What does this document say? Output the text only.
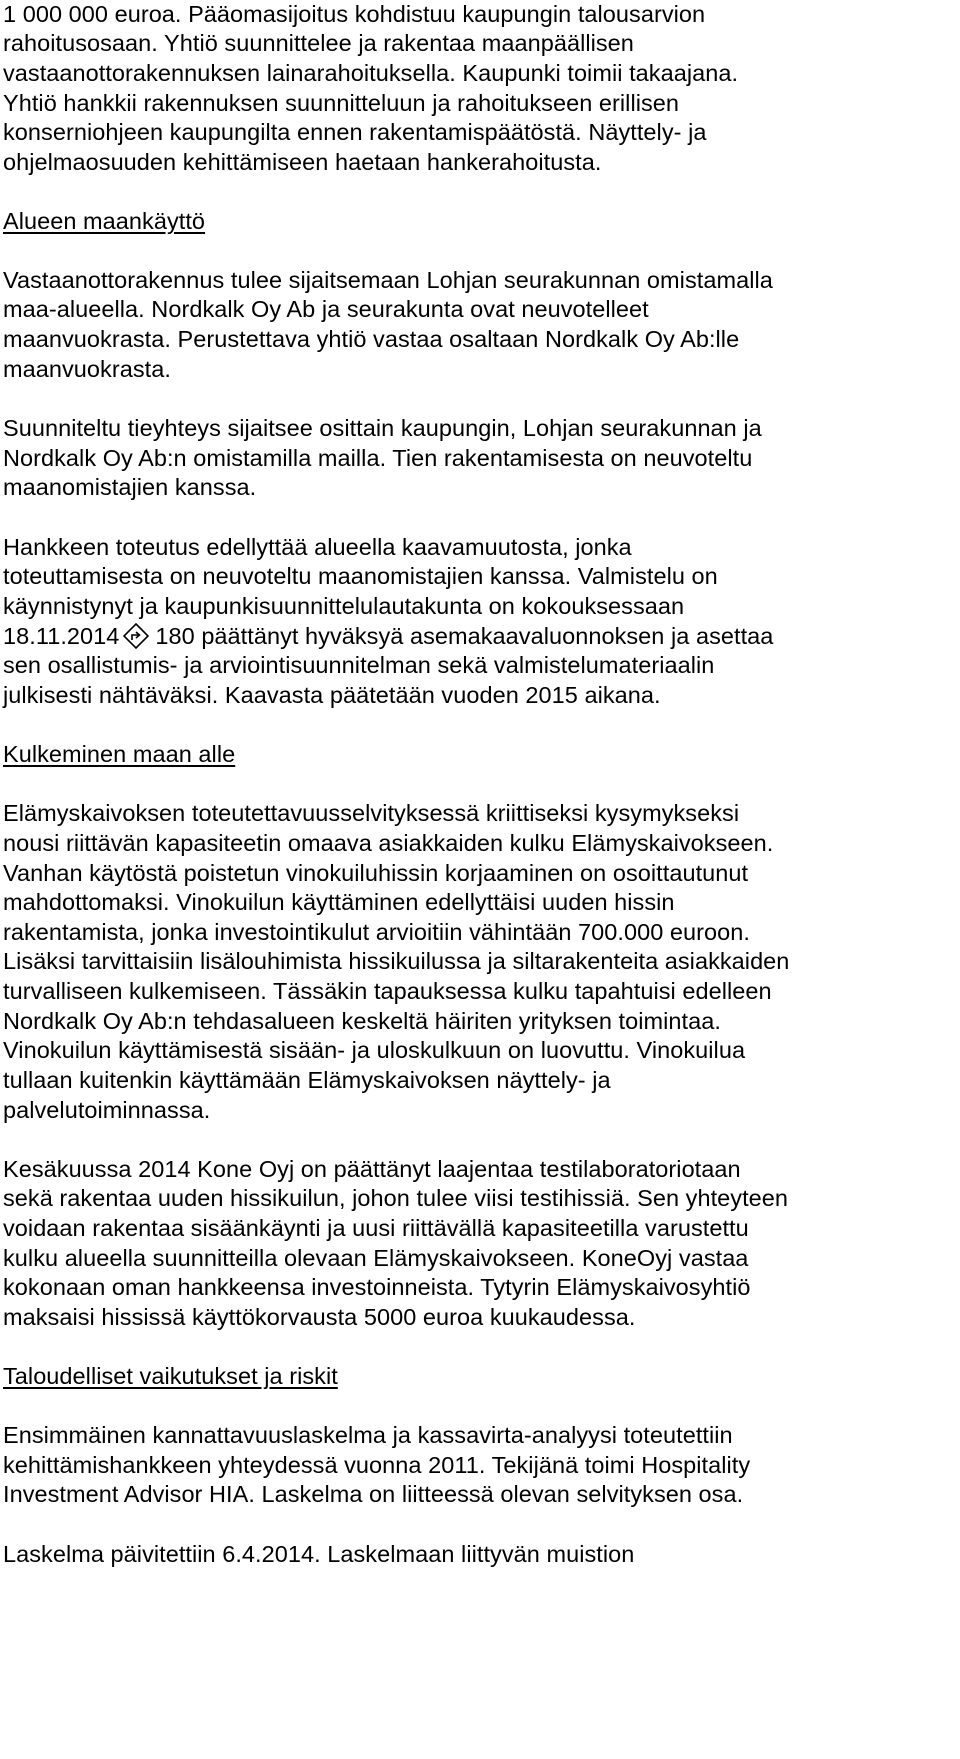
1 000 000 euroa. Pääomasijoitus kohdistuu kaupungin talousarvion
rahoitusosaan. Yhtiö suunnittelee ja rakentaa maanpäällisen
vastaanottorakennuksen lainarahoituksella. Kaupunki toimii takaajana.
Yhtiö hankkii rakennuksen suunnitteluun ja rahoitukseen erillisen
konserniohjeen kaupungilta ennen rakentamispäätöstä. Näyttely- ja
ohjelmaosuuden kehittämiseen haetaan hankerahoitusta.
Alueen maankäyttö
Vastaanottorakennus tulee sijaitsemaan Lohjan seurakunnan omistamalla
maa-alueella. Nordkalk Oy Ab ja seurakunta ovat neuvotelleet
maanvuokrasta. Perustettava yhtiö vastaa osaltaan Nordkalk Oy Ab:lle
maanvuokrasta.
Suunniteltu tieyhteys sijaitsee osittain kaupungin, Lohjan seurakunnan ja
Nordkalk Oy Ab:n omistamilla mailla. Tien rakentamisesta on neuvoteltu
maanomistajien kanssa.
Hankkeen toteutus edellyttää alueella kaavamuutosta, jonka
toteuttamisesta on neuvoteltu maanomistajien kanssa. Valmistelu on
käynnistynyt ja kaupunkisuunnittelulautakunta on kokouksessaan
18.11.2014 180 päättänyt hyväksyä asemakaavaluonnoksen ja asettaa
sen osallistumis- ja arviointisuunnitelman sekä valmistelumateriaalin
julkisesti nähtäväksi. Kaavasta päätetään vuoden 2015 aikana.
Kulkeminen maan alle
Elämyskaivoksen toteutettavuusselvityksessä kriittiseksi kysymykseksi
nousi riittävän kapasiteetin omaava asiakkaiden kulku Elämyskaivokseen.
Vanhan käytöstä poistetun vinokuiluhissin korjaaminen on osoittautunut
mahdottomaksi. Vinokuilun käyttäminen edellyttäisi uuden hissin
rakentamista, jonka investointikulut arvioitiin vähintään 700.000 euroon.
Lisäksi tarvittaisiin lisälouhimista hissikuilussa ja siltarakenteita asiakkaiden
turvalliseen kulkemiseen. Tässäkin tapauksessa kulku tapahtuisi edelleen
Nordkalk Oy Ab:n tehdasalueen keskeltä häiriten yrityksen toimintaa.
Vinokuilun käyttämisestä sisään- ja uloskulkuun on luovuttu. Vinokuilua
tullaan kuitenkin käyttämään Elämyskaivoksen näyttely- ja
palvelutoiminnassa.
Kesäkuussa 2014 Kone Oyj on päättänyt laajentaa testilaboratoriotaan
sekä rakentaa uuden hissikuilun, johon tulee viisi testihissiä. Sen yhteyteen
voidaan rakentaa sisäänkäynti ja uusi riittävällä kapasiteetilla varustettu
kulku alueella suunnitteilla olevaan Elämyskaivokseen. KoneOyj vastaa
kokonaan oman hankkeensa investoinneista. Tytyrin Elämyskaivosyhtiö
maksaisi hississä käyttökorvausta 5000 euroa kuukaudessa.
Taloudelliset vaikutukset ja riskit
Ensimmäinen kannattavuuslaskelma ja kassavirta-analyysi toteutettiin
kehittämishankkeen yhteydessä vuonna 2011. Tekijänä toimi Hospitality
Investment Advisor HIA. Laskelma on liitteessä olevan selvityksen osa.
Laskelma päivitettiin 6.4.2014. Laskelmaan liittyvän muistion
